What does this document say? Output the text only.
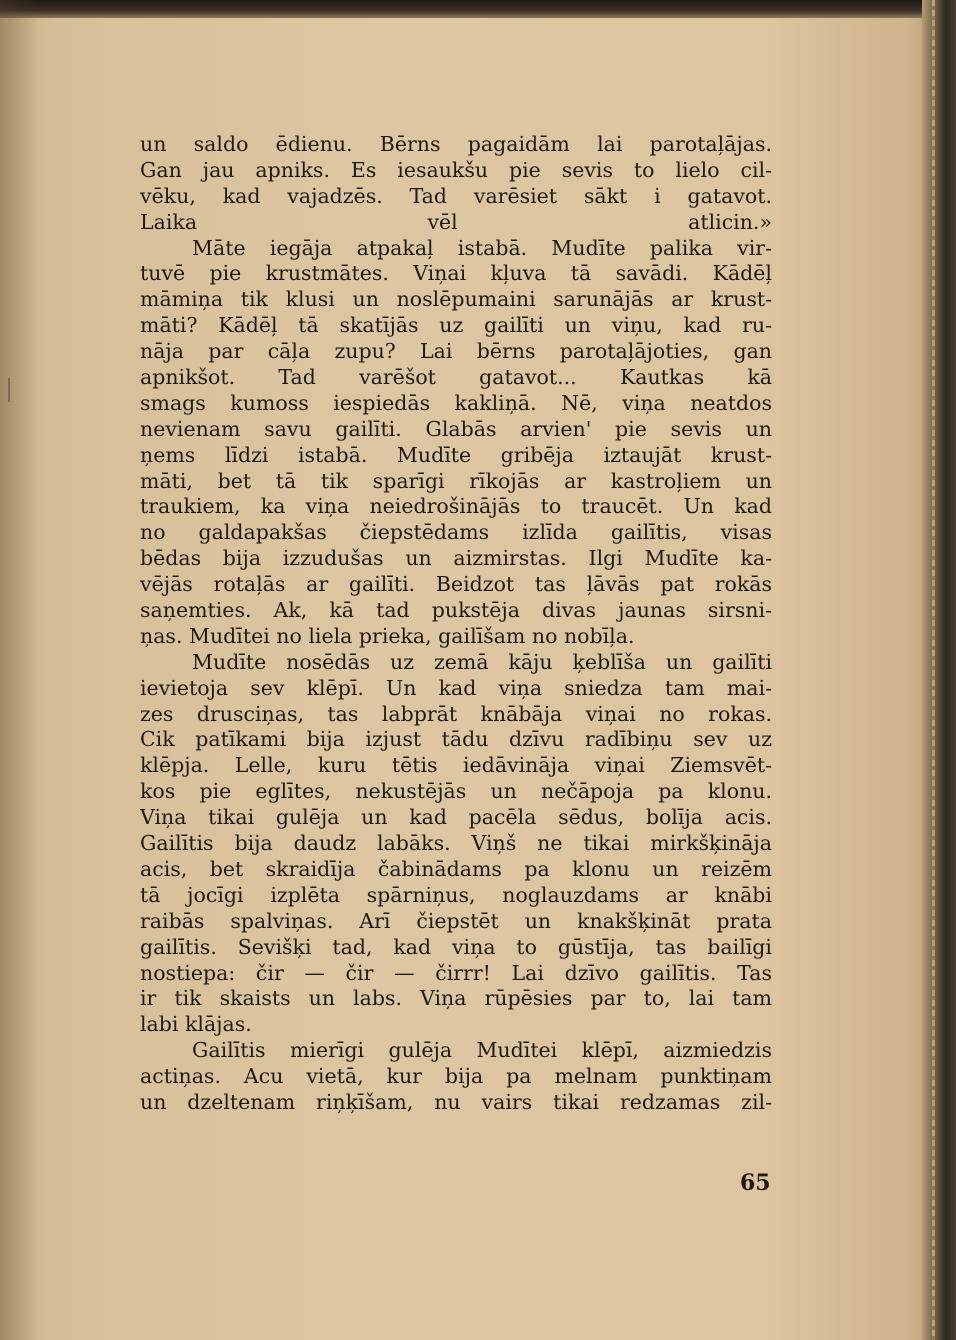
un saldo ēdienu. Bērns pagaidām lai parotaļājas.
Gan jau apniks. Es iesaukšu pie sevis to lielo cil-
vēku, kad vajadzēs. Tad varēsiet sākt i gatavot.
Laika vēl atlicin.»
Māte iegāja atpakaļ istabā. Mudīte palika vir-
tuvē pie krustmātes. Viņai kļuva tā savādi. Kādēļ
māmiņa tik klusi un noslēpumaini sarunājās ar krust-
māti? Kādēļ tā skatījās uz gailīti un viņu, kad ru-
nāja par cāļa zupu? Lai bērns parotaļājoties, gan
apnikšot. Tad varēšot gatavot... Kautkas kā
smags kumoss iespiedās kakliņā. Nē, viņa neatdos
nevienam savu gailīti. Glabās arvien' pie sevis un
ņems līdzi istabā. Mudīte gribēja iztaujāt krust-
māti, bet tā tik sparīgi rīkojās ar kastroļiem un
traukiem, ka viņa neiedrošinājās to traucēt. Un kad
no galdapakšas čiepstēdams izlīda gailītis, visas
bēdas bija izzudušas un aizmirstas. Ilgi Mudīte ka-
vējās rotaļās ar gailīti. Beidzot tas ļāvās pat rokās
saņemties. Ak, kā tad pukstēja divas jaunas sirsni-
ņas. Mudītei no liela prieka, gailīšam no nobīļa.
Mudīte nosēdās uz zemā kāju ķeblīša un gailīti
ievietoja sev klēpī. Un kad viņa sniedza tam mai-
zes drusciņas, tas labprāt knābāja viņai no rokas.
Cik patīkami bija izjust tādu dzīvu radībiņu sev uz
klēpja. Lelle, kuru tētis iedāvināja viņai Ziemsvēt-
kos pie eglītes, nekustējās un nečāpoja pa klonu.
Viņa tikai gulēja un kad pacēla sēdus, bolīja acis.
Gailītis bija daudz labāks. Viņš ne tikai mirkšķināja
acis, bet skraidīja čabinādams pa klonu un reizēm
tā jocīgi izplēta spārniņus, noglauzdams ar knābi
raibās spalviņas. Arī čiepstēt un knakšķināt prata
gailītis. Sevišķi tad, kad viņa to gūstīja, tas bailīgi
nostiepa: čir — čir — čirrr! Lai dzīvo gailītis. Tas
ir tik skaists un labs. Viņa rūpēsies par to, lai tam
labi klājas.
Gailītis mierīgi gulēja Mudītei klēpī, aizmiedzis
actiņas. Acu vietā, kur bija pa melnam punktiņam
un dzeltenam riņķīšam, nu vairs tikai redzamas zil-
65
